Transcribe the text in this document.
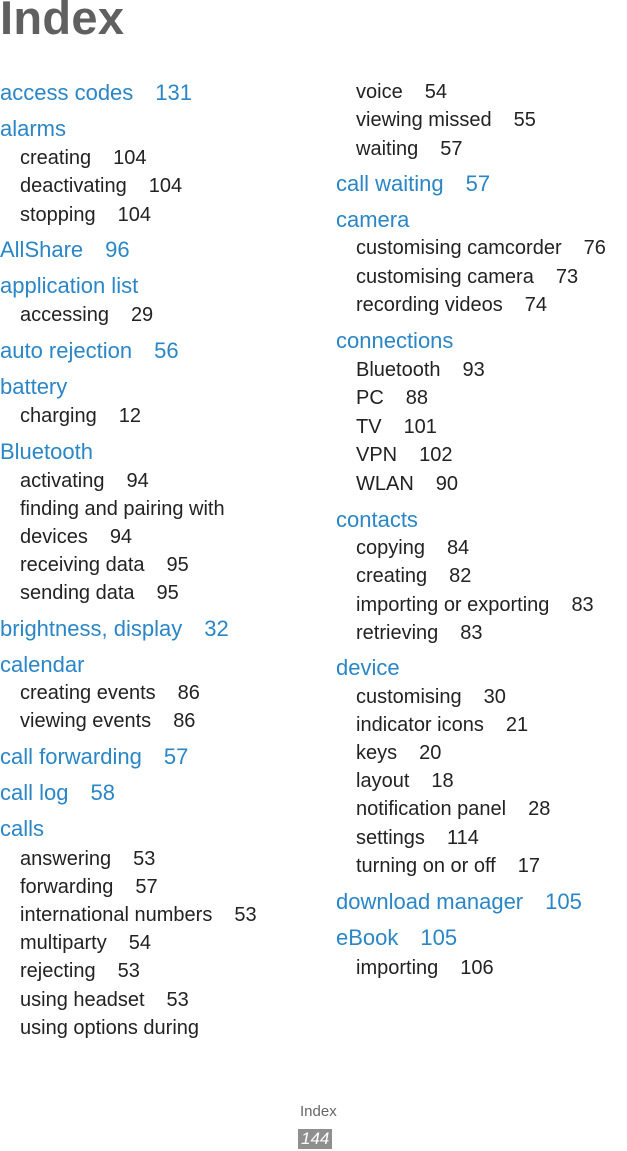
Index
access codes 131
alarms
creating 104
deactivating 104
stopping 104
AllShare 96
application list
accessing 29
auto rejection 56
battery
charging 12
Bluetooth
activating 94
finding and pairing with
devices 94
receiving data 95
sending data 95
brightness, display 32
calendar
creating events 86
viewing events 86
call forwarding 57
call log 58
calls
answering 53
forwarding 57
international numbers 53
multiparty 54
rejecting 53
using headset 53
using options during
voice 54
viewing missed 55
waiting 57
call waiting 57
camera
customising camcorder 76
customising camera 73
recording videos 74
connections
Bluetooth 93
PC 88
TV 101
VPN 102
WLAN 90
contacts
copying 84
creating 82
importing or exporting 83
retrieving 83
device
customising 30
indicator icons 21
keys 20
layout 18
notification panel 28
settings 114
turning on or off 17
download manager 105
eBook 105
importing 106
Index
144
